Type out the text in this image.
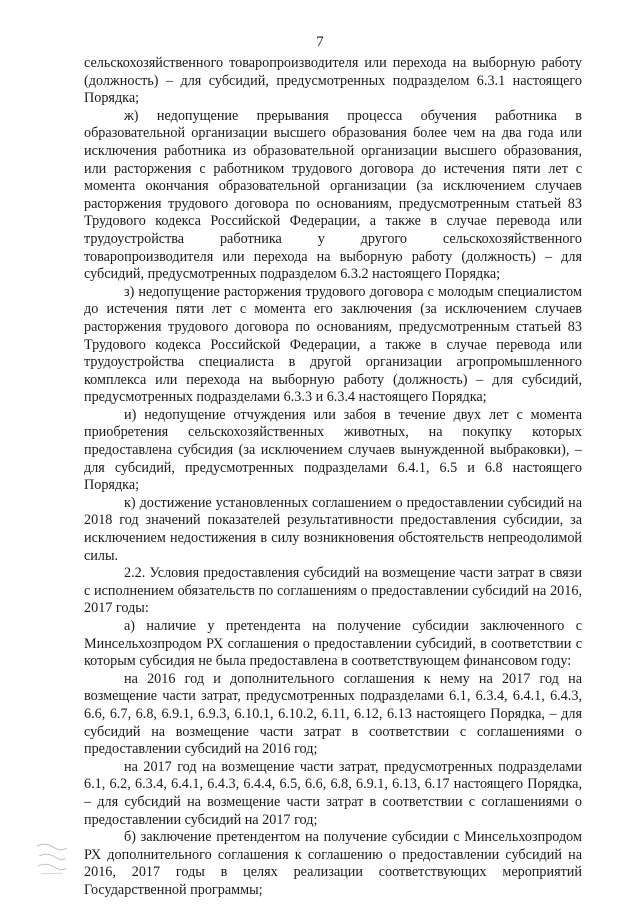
7

сельскохозяйственного товаропроизводителя или перехода на выборную работу (должность) – для субсидий, предусмотренных подразделом 6.3.1 настоящего Порядка;

ж) недопущение прерывания процесса обучения работника в образовательной организации высшего образования более чем на два года или исключения работника из образовательной организации высшего образования, или расторжения с работником трудового договора до истечения пяти лет с момента окончания образовательной организации (за исключением случаев расторжения трудового договора по основаниям, предусмотренным статьей 83 Трудового кодекса Российской Федерации, а также в случае перевода или трудоустройства работника у другого сельскохозяйственного товаропроизводителя или перехода на выборную работу (должность) – для субсидий, предусмотренных подразделом 6.3.2 настоящего Порядка;

з) недопущение расторжения трудового договора с молодым специалистом до истечения пяти лет с момента его заключения (за исключением случаев расторжения трудового договора по основаниям, предусмотренным статьей 83 Трудового кодекса Российской Федерации, а также в случае перевода или трудоустройства специалиста в другой организации агропромышленного комплекса или перехода на выборную работу (должность) – для субсидий, предусмотренных подразделами 6.3.3 и 6.3.4 настоящего Порядка;

и) недопущение отчуждения или забоя в течение двух лет с момента приобретения сельскохозяйственных животных, на покупку которых предоставлена субсидия (за исключением случаев вынужденной выбраковки), – для субсидий, предусмотренных подразделами 6.4.1, 6.5 и 6.8 настоящего Порядка;

к) достижение установленных соглашением о предоставлении субсидий на 2018 год значений показателей результативности предоставления субсидии, за исключением недостижения в силу возникновения обстоятельств непреодолимой силы.

2.2. Условия предоставления субсидий на возмещение части затрат в связи с исполнением обязательств по соглашениям о предоставлении субсидий на 2016, 2017 годы:

а) наличие у претендента на получение субсидии заключенного с Минсельхозпродом РХ соглашения о предоставлении субсидий, в соответствии с которым субсидия не была предоставлена в соответствующем финансовом году:

на 2016 год и дополнительного соглашения к нему на 2017 год на возмещение части затрат, предусмотренных подразделами 6.1, 6.3.4, 6.4.1, 6.4.3, 6.6, 6.7, 6.8, 6.9.1, 6.9.3, 6.10.1, 6.10.2, 6.11, 6.12, 6.13 настоящего Порядка, – для субсидий на возмещение части затрат в соответствии с соглашениями о предоставлении субсидий на 2016 год;

на 2017 год на возмещение части затрат, предусмотренных подразделами 6.1, 6.2, 6.3.4, 6.4.1, 6.4.3, 6.4.4, 6.5, 6.6, 6.8, 6.9.1, 6.13, 6.17 настоящего Порядка, – для субсидий на возмещение части затрат в соответствии с соглашениями о предоставлении субсидий на 2017 год;

б) заключение претендентом на получение субсидии с Минсельхозпродом РХ дополнительного соглашения к соглашению о предоставлении субсидий на 2016, 2017 годы в целях реализации соответствующих мероприятий Государственной программы;
